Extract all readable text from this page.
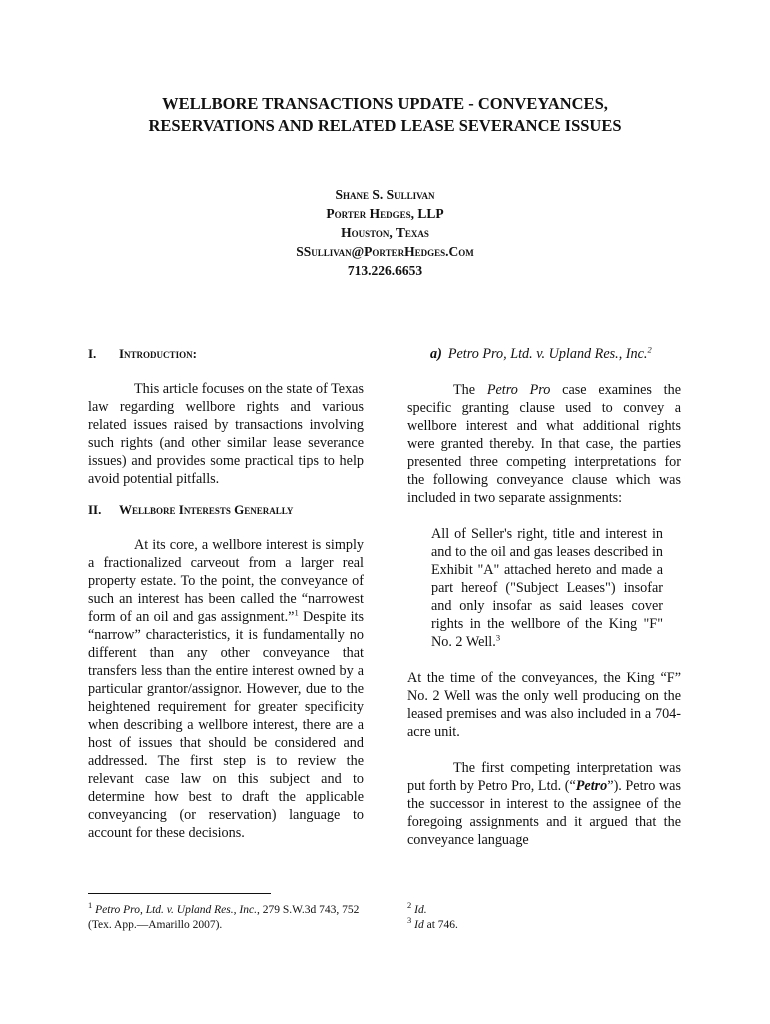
WELLBORE TRANSACTIONS UPDATE - CONVEYANCES,
RESERVATIONS AND RELATED LEASE SEVERANCE ISSUES
Shane S. Sullivan
Porter Hedges, LLP
Houston, Texas
SSullivan@PorterHedges.Com
713.226.6653
I.	Introduction:

This article focuses on the state of Texas law regarding wellbore rights and various related issues raised by transactions involving such rights (and other similar lease severance issues) and provides some practical tips to help avoid potential pitfalls.

II.	Wellbore Interests Generally

At its core, a wellbore interest is simply a fractionalized carveout from a larger real property estate. To the point, the conveyance of such an interest has been called the “narrowest form of an oil and gas assignment.”$^1$ Despite its “narrow” characteristics, it is fundamentally no different than any other conveyance that transfers less than the entire interest owned by a particular grantor/assignor. However, due to the heightened requirement for greater specificity when describing a wellbore interest, there are a host of issues that should be considered and addressed. The first step is to review the relevant case law on this subject and to determine how best to draft the applicable conveyancing (or reservation) language to account for these decisions.

a) Petro Pro, Ltd. v. Upland Res., Inc.$^2$

The Petro Pro case examines the specific granting clause used to convey a wellbore interest and what additional rights were granted thereby. In that case, the parties presented three competing interpretations for the following conveyance clause which was included in two separate assignments:

All of Seller's right, title and interest in and to the oil and gas leases described in Exhibit "A" attached hereto and made a part hereof ("Subject Leases") insofar and only insofar as said leases cover rights in the wellbore of the King "F" No. 2 Well.$^3$

At the time of the conveyances, the King “F” No. 2 Well was the only well producing on the leased premises and was also included in a 704-acre unit.

The first competing interpretation was put forth by Petro Pro, Ltd. (“Petro”). Petro was the successor in interest to the assignee of the foregoing assignments and it argued that the conveyance language

$^1$ Petro Pro, Ltd. v. Upland Res., Inc., 279 S.W.3d 743, 752 (Tex. App.—Amarillo 2007).
$^2$ Id.
$^3$ Id at 746.
